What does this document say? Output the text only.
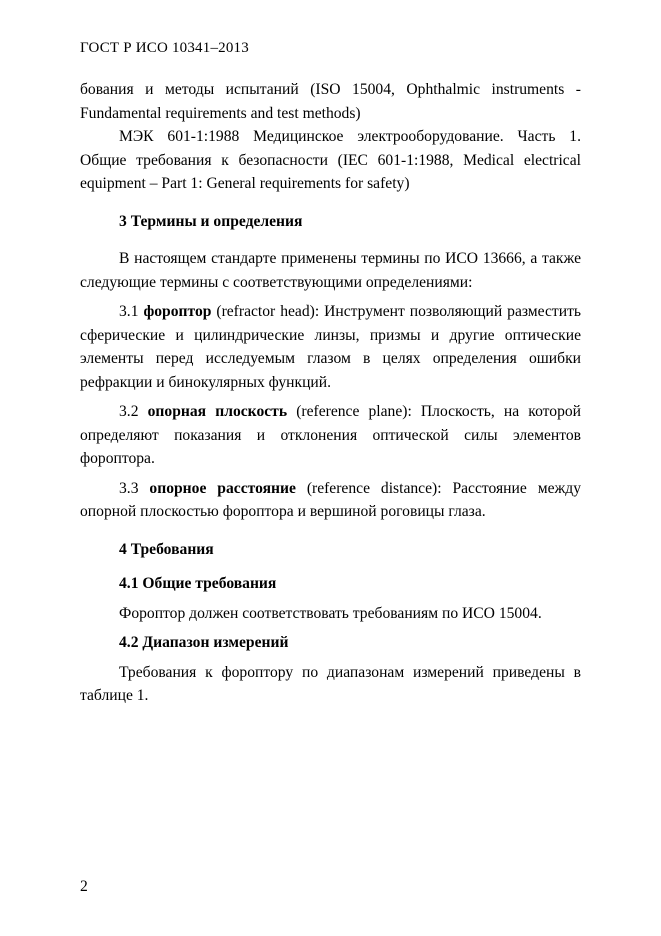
ГОСТ Р ИСО 10341–2013

бования и методы испытаний (ISO 15004, Ophthalmic instruments - Fundamental requirements and test methods)

МЭК 601-1:1988 Медицинское электрооборудование. Часть 1. Общие требования к безопасности (IEC 601-1:1988, Medical electrical equipment – Part 1: General requirements for safety)

3 Термины и определения

В настоящем стандарте применены термины по ИСО 13666, а также следующие термины с соответствующими определениями:

3.1 фороптор (refractor head): Инструмент позволяющий разместить сферические и цилиндрические линзы, призмы и другие оптические элементы перед исследуемым глазом в целях определения ошибки рефракции и бинокулярных функций.

3.2 опорная плоскость (reference plane): Плоскость, на которой определяют показания и отклонения оптической силы элементов фороптора.

3.3 опорное расстояние (reference distance): Расстояние между опорной плоскостью фороптора и вершиной роговицы глаза.

4 Требования

4.1 Общие требования

Фороптор должен соответствовать требованиям по ИСО 15004.

4.2 Диапазон измерений

Требования к фороптору по диапазонам измерений приведены в таблице 1.

2
